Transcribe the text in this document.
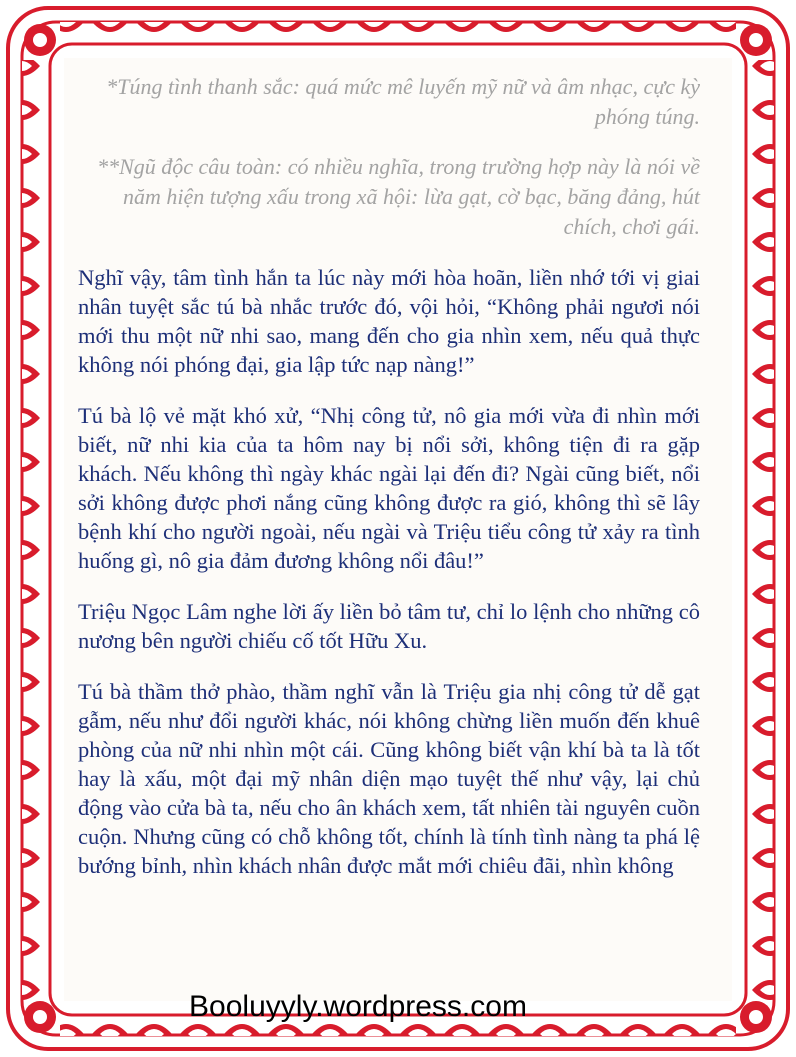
*Túng tình thanh sắc: quá mức mê luyến mỹ nữ và âm nhạc, cực kỳ phóng túng.

**Ngũ độc câu toàn: có nhiều nghĩa, trong trường hợp này là nói về năm hiện tượng xấu trong xã hội: lừa gạt, cờ bạc, băng đảng, hút chích, chơi gái.

Nghĩ vậy, tâm tình hắn ta lúc này mới hòa hoãn, liền nhớ tới vị giai nhân tuyệt sắc tú bà nhắc trước đó, vội hỏi, “Không phải ngươi nói mới thu một nữ nhi sao, mang đến cho gia nhìn xem, nếu quả thực không nói phóng đại, gia lập tức nạp nàng!”

Tú bà lộ vẻ mặt khó xử, “Nhị công tử, nô gia mới vừa đi nhìn mới biết, nữ nhi kia của ta hôm nay bị nổi sởi, không tiện đi ra gặp khách. Nếu không thì ngày khác ngài lại đến đi? Ngài cũng biết, nổi sởi không được phơi nắng cũng không được ra gió, không thì sẽ lây bệnh khí cho người ngoài, nếu ngài và Triệu tiểu công tử xảy ra tình huống gì, nô gia đảm đương không nổi đâu!”

Triệu Ngọc Lâm nghe lời ấy liền bỏ tâm tư, chỉ lo lệnh cho những cô nương bên người chiếu cố tốt Hữu Xu.

Tú bà thầm thở phào, thầm nghĩ vẫn là Triệu gia nhị công tử dễ gạt gẫm, nếu như đổi người khác, nói không chừng liền muốn đến khuê phòng của nữ nhi nhìn một cái. Cũng không biết vận khí bà ta là tốt hay là xấu, một đại mỹ nhân diện mạo tuyệt thế như vậy, lại chủ động vào cửa bà ta, nếu cho ân khách xem, tất nhiên tài nguyên cuồn cuộn. Nhưng cũng có chỗ không tốt, chính là tính tình nàng ta phá lệ bướng bỉnh, nhìn khách nhân được mắt mới chiêu đãi, nhìn không

Booluyyly.wordpress.com
